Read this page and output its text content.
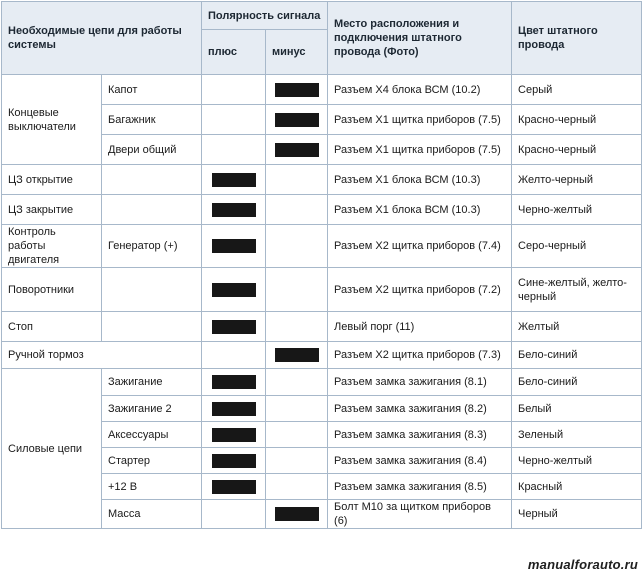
Необходимые цепи для работы системы		Полярность сигнала		Место расположения и подключения штатного провода (Фото)	Цвет штатного провода
		плюс	минус		
Концевые выключатели	Капот			Разъем Х4 блока ВСМ (10.2)	Серый
	Багажник			Разъем Х1 щитка приборов (7.5)	Красно-черный
	Двери общий			Разъем Х1 щитка приборов (7.5)	Красно-черный
ЦЗ открытие				Разъем Х1 блока ВСМ (10.3)	Желто-черный
ЦЗ закрытие				Разъем Х1 блока ВСМ (10.3)	Черно-желтый
Контроль работы двигателя	Генератор (+)			Разъем Х2 щитка приборов (7.4)	Серо-черный
Поворотники				Разъем Х2 щитка приборов (7.2)	Сине-желтый, желто-черный
Стоп				Левый порг (11)	Желтый
Ручной тормоз				Разъем Х2 щитка приборов (7.3)	Бело-синий
Силовые цепи	Зажигание			Разъем замка зажигания (8.1)	Бело-синий
	Зажигание 2			Разъем замка зажигания (8.2)	Белый
	Аксессуары			Разъем замка зажигания (8.3)	Зеленый
	Стартер			Разъем замка зажигания (8.4)	Черно-желтый
	+12 В			Разъем замка зажигания (8.5)	Красный
	Масса			Болт М10 за щитком приборов (6)	Черный
manualforauto.ru
